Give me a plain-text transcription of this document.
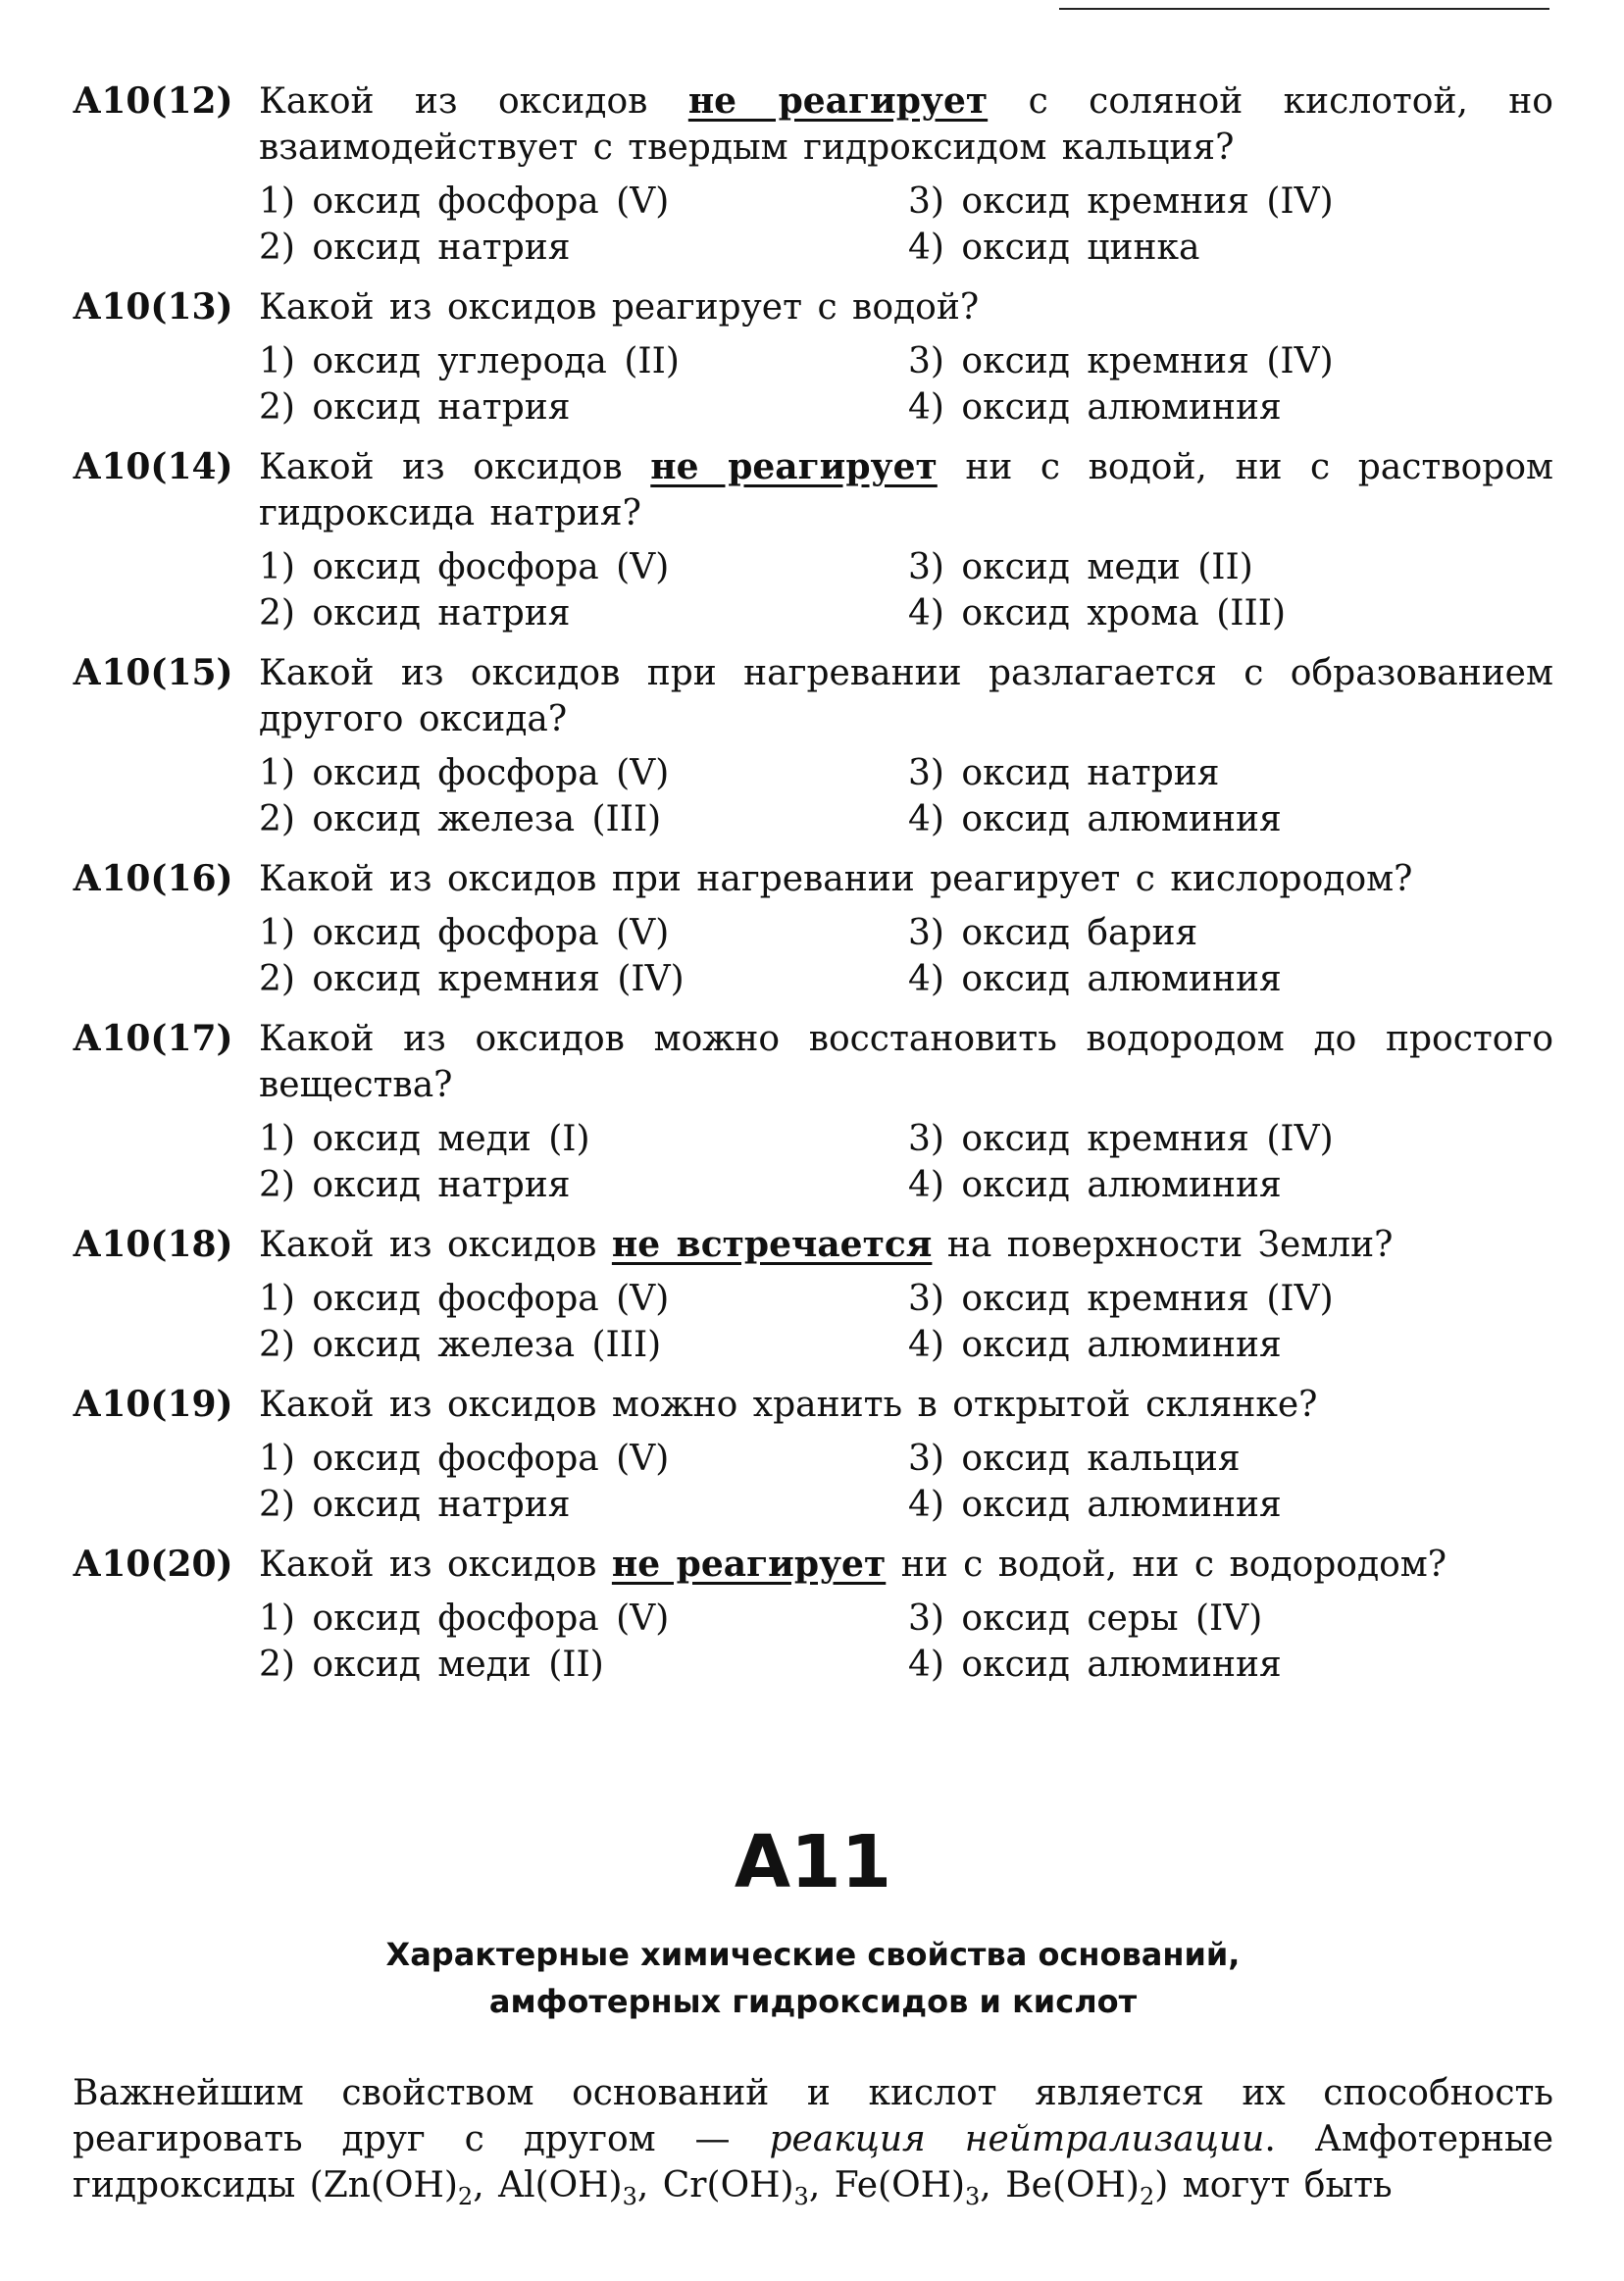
А10(12) Какой из оксидов не реагирует с соляной кислотой, но взаимодействует с твердым гидроксидом кальция?
1) оксид фосфора (V)	3) оксид кремния (IV)
2) оксид натрия	4) оксид цинка
А10(13) Какой из оксидов реагирует с водой?
1) оксид углерода (II)	3) оксид кремния (IV)
2) оксид натрия	4) оксид алюминия
А10(14) Какой из оксидов не реагирует ни с водой, ни с раствором гидроксида натрия?
1) оксид фосфора (V)	3) оксид меди (II)
2) оксид натрия	4) оксид хрома (III)
А10(15) Какой из оксидов при нагревании разлагается с образованием другого оксида?
1) оксид фосфора (V)	3) оксид натрия
2) оксид железа (III)	4) оксид алюминия
А10(16) Какой из оксидов при нагревании реагирует с кислородом?
1) оксид фосфора (V)	3) оксид бария
2) оксид кремния (IV)	4) оксид алюминия
А10(17) Какой из оксидов можно восстановить водородом до простого вещества?
1) оксид меди (I)	3) оксид кремния (IV)
2) оксид натрия	4) оксид алюминия
А10(18) Какой из оксидов не встречается на поверхности Земли?
1) оксид фосфора (V)	3) оксид кремния (IV)
2) оксид железа (III)	4) оксид алюминия
А10(19) Какой из оксидов можно хранить в открытой склянке?
1) оксид фосфора (V)	3) оксид кальция
2) оксид натрия	4) оксид алюминия
А10(20) Какой из оксидов не реагирует ни с водой, ни с водородом?
1) оксид фосфора (V)	3) оксид серы (IV)
2) оксид меди (II)	4) оксид алюминия
А11
Характерные химические свойства оснований,
амфотерных гидроксидов и кислот
Важнейшим свойством оснований и кислот является их способность реагировать друг с другом — реакция нейтрализации. Амфотерные гидроксиды ($Zn(OH)_2$, $Al(OH)_3$, $Cr(OH)_3$, $Fe(OH)_3$, $Be(OH)_2$) могут быть
